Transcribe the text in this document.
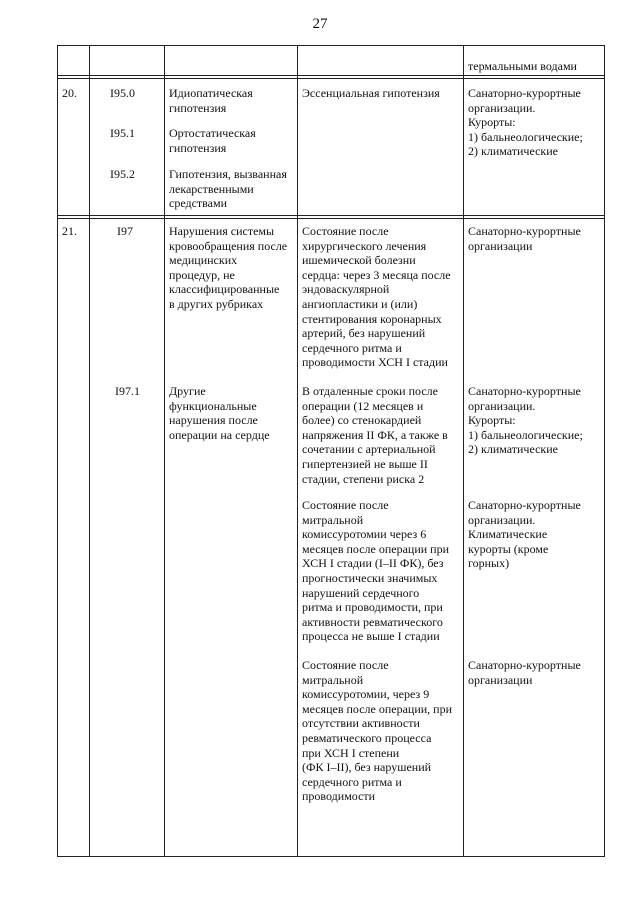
27
термальными водами
20.	I95.0
I95.1
I95.2
Идиопатическая
гипотензия
Ортостатическая
гипотензия
Гипотензия, вызванная
лекарственными
средствами
Эссенциальная гипотензия Санаторно-курортные
организации.
Курорты:
1) бальнеологические;
2) климатические
21.	I97
I97.1
Нарушения системы
кровообращения после
медицинских
процедур, не
классифицированные
в других рубриках
Другие
функциональные
нарушения после
операции на сердце
Состояние после
хирургического лечения
ишемической болезни
сердца: через 3 месяца после
эндоваскулярной
ангиопластики и (или)
стентирования коронарных
артерий, без нарушений
сердечного ритма и
проводимости ХСН I стадии
Санаторно-курортные
организации
В отдаленные сроки после
операции (12 месяцев и
более) со стенокардией
напряжения II ФК, а также в
сочетании с артериальной
гипертензией не выше II
стадии, степени риска 2
Санаторно-курортные
организации.
Курорты:
1) бальнеологические;
2) климатические
Состояние после
митральной
комиссуротомии через 6
месяцев после операции при
ХСН I стадии (I–II ФК), без
прогностически значимых
нарушений сердечного
ритма и проводимости, при
активности ревматического
процесса не выше I стадии
Санаторно-курортные
организации.
Климатические
курорты (кроме
горных)
Состояние после
митральной
комиссуротомии, через 9
месяцев после операции, при
отсутствии активности
ревматического процесса
при ХСН I степени
(ФК I–II), без нарушений
сердечного ритма и
проводимости
Санаторно-курортные
организации
